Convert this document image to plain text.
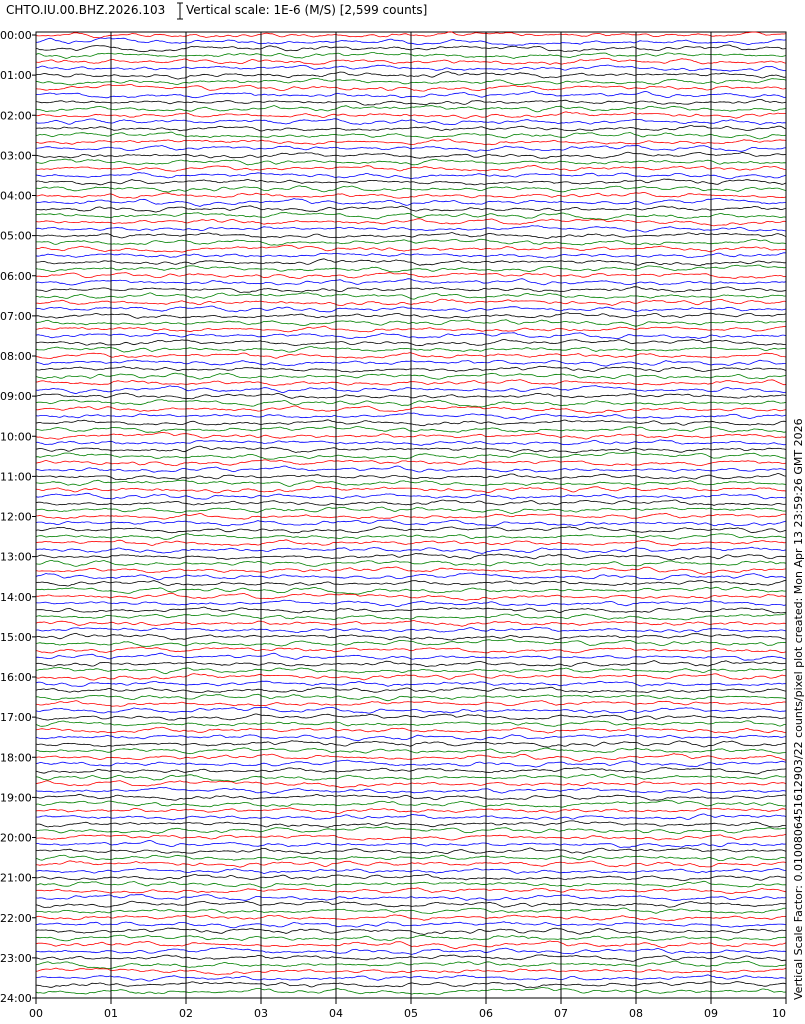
CHTO.IU.00.BHZ.2026.103 Vertical scale: 1E-6 (M/S) [2,599 counts]
00:00
01:00
02:00
03:00
04:00
05:00
06:00
07:00
08:00
09:00
10:00
11:00
12:00
13:00
14:00
15:00
16:00
17:00
18:00
19:00
20:00
21:00
22:00
23:00
24:00
00	01	02	03	04	05	06	07	08	09	10
Vertical Scale Factor: 0.0100806451612903/22 counts/pixel plot created: Mon Apr 13 23:59:26 GMT 2026
